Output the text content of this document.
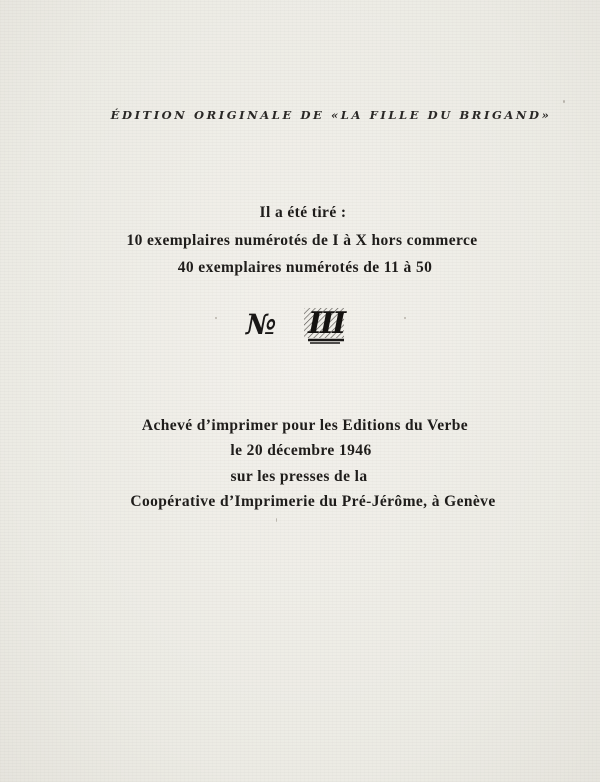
ÉDITION ORIGINALE DE «LA FILLE DU BRIGAND»
Il a été tiré :
10 exemplaires numérotés de I à X hors commerce
40 exemplaires numérotés de 11 à 50
№ III
Achevé d’imprimer pour les Editions du Verbe
le 20 décembre 1946
sur les presses de la
Coopérative d’Imprimerie du Pré-Jérôme, à Genève
